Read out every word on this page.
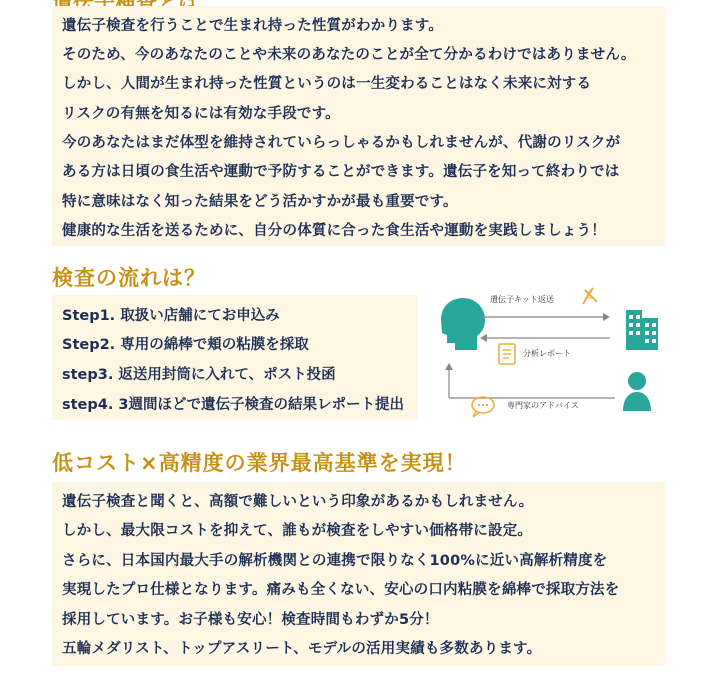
遺伝子検査を行うことで生まれ持った性質がわかります。
そのため、今のあなたのことや未来のあなたのことが全て分かるわけではありません。
しかし、人間が生まれ持った性質というのは一生変わることはなく未来に対する
リスクの有無を知るには有効な手段です。
今のあなたはまだ体型を維持されていらっしゃるかもしれませんが、代謝のリスクが
ある方は日頃の食生活や運動で予防することができます。遺伝子を知って終わりでは
特に意味はなく知った結果をどう活かすかが最も重要です。
健康的な生活を送るために、自分の体質に合った食生活や運動を実践しましょう！
検査の流れは？
Step1. 取扱い店舗にてお申込み
Step2. 専用の綿棒で頬の粘膜を採取
step3. 返送用封筒に入れて、ポスト投函
step4. 3週間ほどで遺伝子検査の結果レポート提出
遺伝子キット返送
分析レポート
専門家のアドバイス
低コスト×高精度の業界最高基準を実現！
遺伝子検査と聞くと、高額で難しいという印象があるかもしれません。
しかし、最大限コストを抑えて、誰もが検査をしやすい価格帯に設定。
さらに、日本国内最大手の解析機関との連携で限りなく100%に近い高解析精度を
実現したプロ仕様となります。痛みも全くない、安心の口内粘膜を綿棒で採取方法を
採用しています。お子様も安心！検査時間もわずか5分！
五輪メダリスト、トップアスリート、モデルの活用実績も多数あります。
